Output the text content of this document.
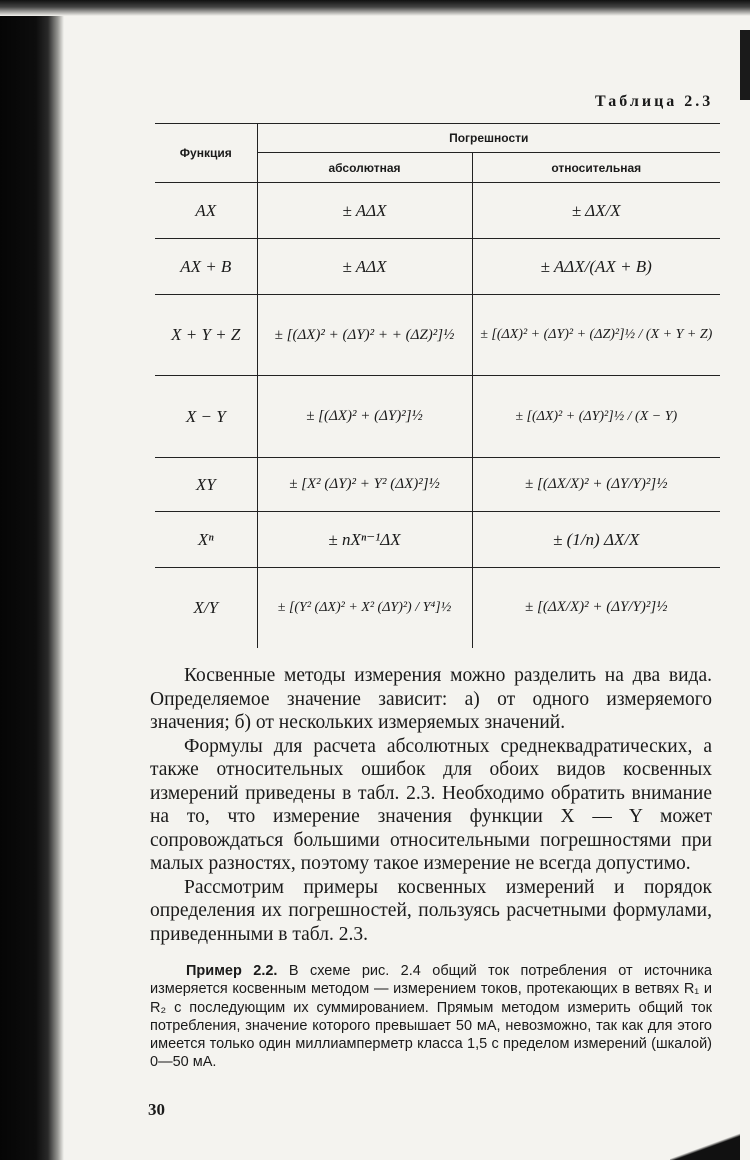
Таблица 2.3
Функция	Погрешности	
	абсолютная	относительная
AX	± AΔX	± ΔX/X
AX + B	± AΔX	± AΔX/(AX + B)
X + Y + Z	± [(ΔX)² + (ΔY)² + + (ΔZ)²]½	± [(ΔX)² + (ΔY)² + (ΔZ)²]½ / (X + Y + Z)
X − Y	± [(ΔX)² + (ΔY)²]½	± [(ΔX)² + (ΔY)²]½ / (X − Y)
XY	± [X² (ΔY)² + Y² (ΔX)²]½	± [(ΔX/X)² + (ΔY/Y)²]½
Xⁿ	± nXⁿ⁻¹ΔX	± (1/n) ΔX/X
X/Y	± [(Y² (ΔX)² + X² (ΔY)²) / Y⁴]½	± [(ΔX/X)² + (ΔY/Y)²]½

Косвенные методы измерения можно разделить на два вида. Определяемое значение зависит: а) от одного измеряемого значения; б) от нескольких измеряемых значений.

Формулы для расчета абсолютных среднеквадратических, а также относительных ошибок для обоих видов косвенных измерений приведены в табл. 2.3. Необходимо обратить внимание на то, что измерение значения функции X — Y может сопровождаться большими относительными погрешностями при малых разностях, поэтому такое измерение не всегда допустимо.

Рассмотрим примеры косвенных измерений и порядок определения их погрешностей, пользуясь расчетными формулами, приведенными в табл. 2.3.

Пример 2.2. В схеме рис. 2.4 общий ток потребления от источника измеряется косвенным методом — измерением токов, протекающих в ветвях R₁ и R₂ с последующим их суммированием. Прямым методом измерить общий ток потребления, значение которого превышает 50 мА, невозможно, так как для этого имеется только один миллиамперметр класса 1,5 с пределом измерений (шкалой) 0—50 мА.

30
